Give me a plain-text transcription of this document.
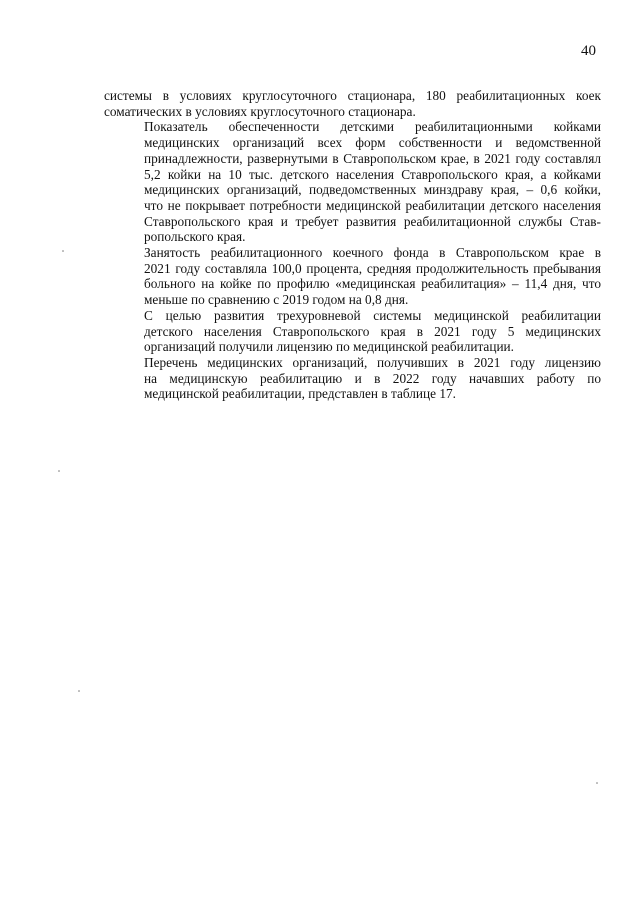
40

системы в условиях круглосуточного стационара, 180 реабилитационных коек
соматических в условиях круглосуточного стационара.

Показатель обеспеченности детскими реабилитационными койками
медицинских организаций всех форм собственности и ведомственной
принадлежности, развернутыми в Ставропольском крае, в 2021 году составлял
5,2 койки на 10 тыс. детского населения Ставропольского края, а койками
медицинских организаций, подведомственных минздраву края, – 0,6 койки,
что не покрывает потребности медицинской реабилитации детского населения
Ставропольского края и требует развития реабилитационной службы Став-
ропольского края.

Занятость реабилитационного коечного фонда в Ставропольском крае в
2021 году составляла 100,0 процента, средняя продолжительность пребывания
больного на койке по профилю «медицинская реабилитация» – 11,4 дня, что
меньше по сравнению с 2019 годом на 0,8 дня.

С целью развития трехуровневой системы медицинской реабилитации
детского населения Ставропольского края в 2021 году 5 медицинских
организаций получили лицензию по медицинской реабилитации.

Перечень медицинских организаций, получивших в 2021 году лицензию
на медицинскую реабилитацию и в 2022 году начавших работу по
медицинской реабилитации, представлен в таблице 17.
